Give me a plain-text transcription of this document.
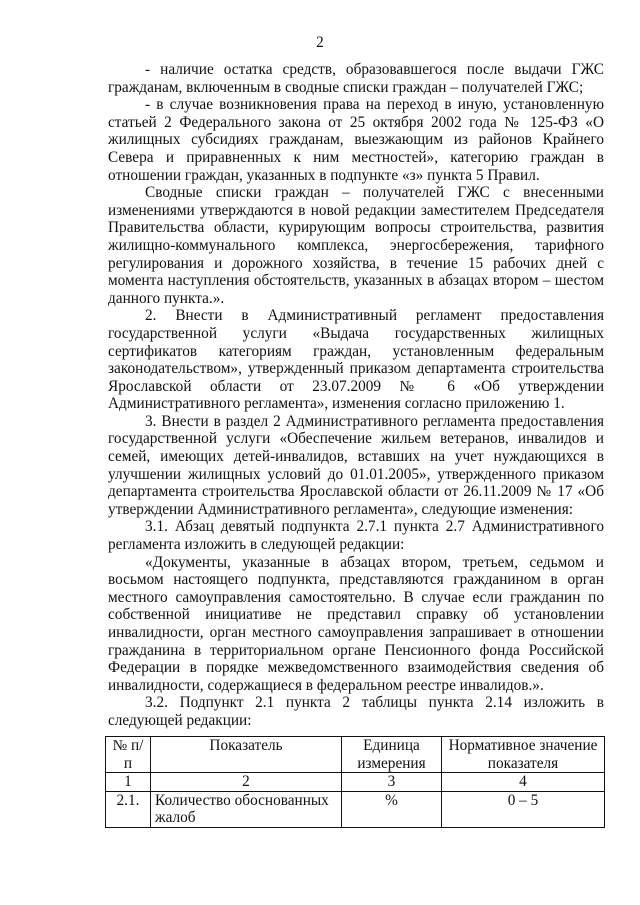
2

- наличие остатка средств, образовавшегося после выдачи ГЖС гражданам, включенным в сводные списки граждан – получателей ГЖС;

- в случае возникновения права на переход в иную, установленную статьей 2 Федерального закона от 25 октября 2002 года № 125-ФЗ «О жилищных субсидиях гражданам, выезжающим из районов Крайнего Севера и приравненных к ним местностей», категорию граждан в отношении граждан, указанных в подпункте «з» пункта 5 Правил.

Сводные списки граждан – получателей ГЖС с внесенными изменениями утверждаются в новой редакции заместителем Председателя Правительства области, курирующим вопросы строительства, развития жилищно-коммунального комплекса, энергосбережения, тарифного регулирования и дорожного хозяйства, в течение 15 рабочих дней с момента наступления обстоятельств, указанных в абзацах втором – шестом данного пункта.».

2. Внести в Административный регламент предоставления государственной услуги «Выдача государственных жилищных сертификатов категориям граждан, установленным федеральным законодательством», утвержденный приказом департамента строительства Ярославской области от 23.07.2009 № 6 «Об утверждении Административного регламента», изменения согласно приложению 1.

3. Внести в раздел 2 Административного регламента предоставления государственной услуги «Обеспечение жильем ветеранов, инвалидов и семей, имеющих детей-инвалидов, вставших на учет нуждающихся в улучшении жилищных условий до 01.01.2005», утвержденного приказом департамента строительства Ярославской области от 26.11.2009 № 17 «Об утверждении Административного регламента», следующие изменения:

3.1. Абзац девятый подпункта 2.7.1 пункта 2.7 Административного регламента изложить в следующей редакции:

«Документы, указанные в абзацах втором, третьем, седьмом и восьмом настоящего подпункта, представляются гражданином в орган местного самоуправления самостоятельно. В случае если гражданин по собственной инициативе не представил справку об установлении инвалидности, орган местного самоуправления запрашивает в отношении гражданина в территориальном органе Пенсионного фонда Российской Федерации в порядке межведомственного взаимодействия сведения об инвалидности, содержащиеся в федеральном реестре инвалидов.».

3.2. Подпункт 2.1 пункта 2 таблицы пункта 2.14 изложить в следующей редакции:

№ п/п	Показатель	Единица измерения	Нормативное значение показателя
1	2	3	4
2.1.	Количество обоснованных жалоб	%	0 – 5
